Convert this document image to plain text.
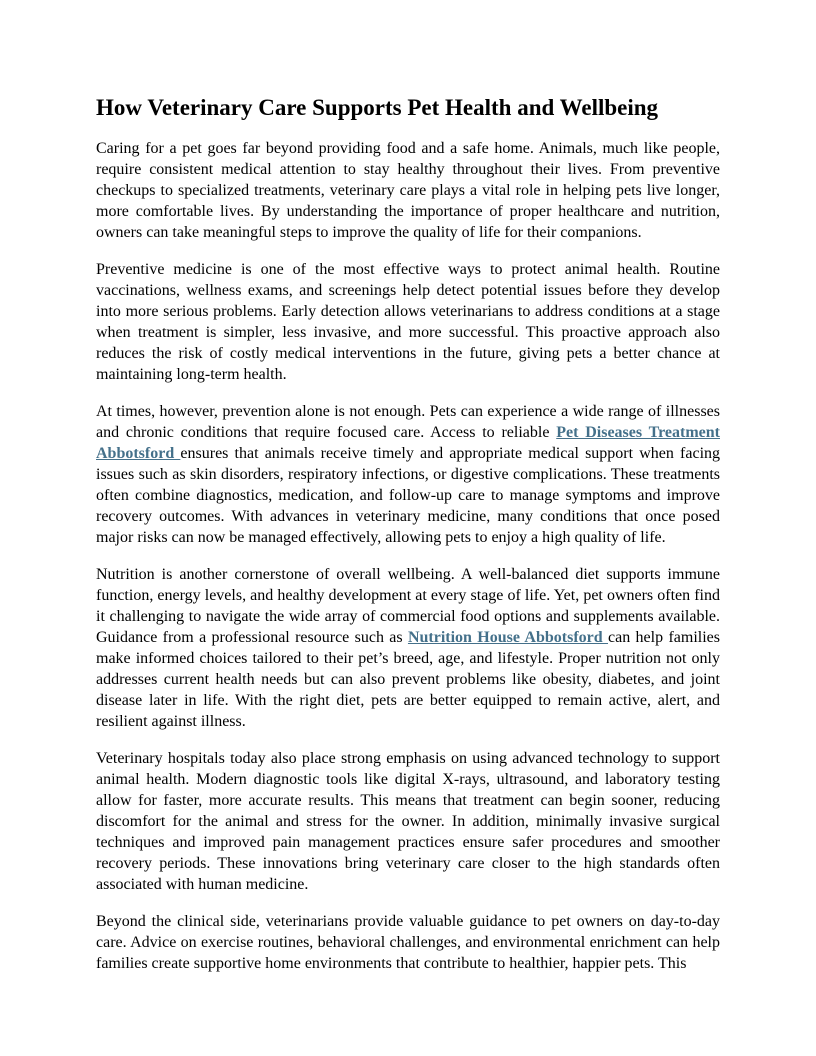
How Veterinary Care Supports Pet Health and Wellbeing

Caring for a pet goes far beyond providing food and a safe home. Animals, much like people, require consistent medical attention to stay healthy throughout their lives. From preventive checkups to specialized treatments, veterinary care plays a vital role in helping pets live longer, more comfortable lives. By understanding the importance of proper healthcare and nutrition, owners can take meaningful steps to improve the quality of life for their companions.

Preventive medicine is one of the most effective ways to protect animal health. Routine vaccinations, wellness exams, and screenings help detect potential issues before they develop into more serious problems. Early detection allows veterinarians to address conditions at a stage when treatment is simpler, less invasive, and more successful. This proactive approach also reduces the risk of costly medical interventions in the future, giving pets a better chance at maintaining long-term health.

At times, however, prevention alone is not enough. Pets can experience a wide range of illnesses and chronic conditions that require focused care. Access to reliable Pet Diseases Treatment Abbotsford ensures that animals receive timely and appropriate medical support when facing issues such as skin disorders, respiratory infections, or digestive complications. These treatments often combine diagnostics, medication, and follow-up care to manage symptoms and improve recovery outcomes. With advances in veterinary medicine, many conditions that once posed major risks can now be managed effectively, allowing pets to enjoy a high quality of life.

Nutrition is another cornerstone of overall wellbeing. A well-balanced diet supports immune function, energy levels, and healthy development at every stage of life. Yet, pet owners often find it challenging to navigate the wide array of commercial food options and supplements available. Guidance from a professional resource such as Nutrition House Abbotsford can help families make informed choices tailored to their pet’s breed, age, and lifestyle. Proper nutrition not only addresses current health needs but can also prevent problems like obesity, diabetes, and joint disease later in life. With the right diet, pets are better equipped to remain active, alert, and resilient against illness.

Veterinary hospitals today also place strong emphasis on using advanced technology to support animal health. Modern diagnostic tools like digital X-rays, ultrasound, and laboratory testing allow for faster, more accurate results. This means that treatment can begin sooner, reducing discomfort for the animal and stress for the owner. In addition, minimally invasive surgical techniques and improved pain management practices ensure safer procedures and smoother recovery periods. These innovations bring veterinary care closer to the high standards often associated with human medicine.

Beyond the clinical side, veterinarians provide valuable guidance to pet owners on day-to-day care. Advice on exercise routines, behavioral challenges, and environmental enrichment can help families create supportive home environments that contribute to healthier, happier pets. This
